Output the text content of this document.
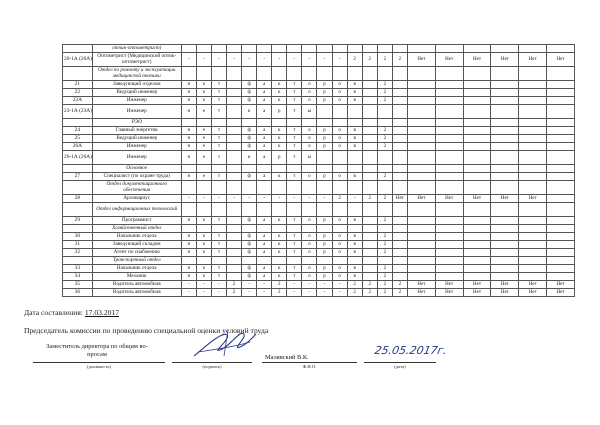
	оптик-оптометрист)																					
20-1А (20А)	Оптометрист (Медицинский оптик-оптометрист)	-	-	-	-	-	-	-	-	-	-	-	2	2	2	2	Нет	Нет	Нет	Нет	Нет	Нет
	Отдел по ремонту и эксплуатации медицинской техники																					
21	Заведующий отделом	н	е	т		ф	а	к	т	о	р	о	в		2							
22	Ведущий инженер	н	е	т		ф	а	к	т	о	р	о	в		2							
23А	Инженер	н	е	т		ф	а	к	т	о	р	о	в		2							
23-1А (23А)	Инженер	н	е	т		к	а	р	т	ы												
	РЭО																					
24	Главный энергетик	н	е	т		ф	а	к	т	о	р	о	в		2							
25	Ведущий инженер	н	е	т		ф	а	к	т	о	р	о	в		2							
26А	Инженер	н	е	т		ф	а	к	т	о	р	о	в		2							
26-1А (26А)	Инженер	н	е	т		к	а	р	т	ы												
	Основное																					
27	Специалист (по охране труда)	н	е	т		ф	а	к	т	о	р	о	в		2							
	Отдел документационного обеспечения																					
28	Архивариус	-	-	-	-	-	-	-	-	-	-	2	-	2	2	Нет	Нет	Нет	Нет	Нет	Нет	
	Отдел информационных технологий																					
29	Программист	н	е	т		ф	а	к	т	о	р	о	в		2							
	Хозяйственный отдел																					
30	Начальник отдела	н	е	т		ф	а	к	т	о	р	о	в		2							
31	Заведующий складом	н	е	т		ф	а	к	т	о	р	о	в		2							
32	Агент по снабжению	н	е	т		ф	а	к	т	о	р	о	в		2							
	Транспортный отдел																					
33	Начальник отдела	н	е	т		ф	а	к	т	о	р	о	в		2							
34	Механик	н	е	т		ф	а	к	т	о	р	о	в		2							
35	Водитель автомобиля	-	-	-	2	-	-	2	-	-	-	-	2	2	2	2	Нет	Нет	Нет	Нет	Нет	Нет
36	Водитель автомобиля	-	-	-	2	-	-	2	-	-	-	-	2	2	2	2	Нет	Нет	Нет	Нет	Нет	Нет
Дата составления: 17.03.2017
Председатель комиссии по проведению специальной оценки условий труда
Заместитель директора по общим во-
просам
(должность)	(подпись)	Ф.И.О.	(дата)
Малявский В.К.
25.05.2017г.
